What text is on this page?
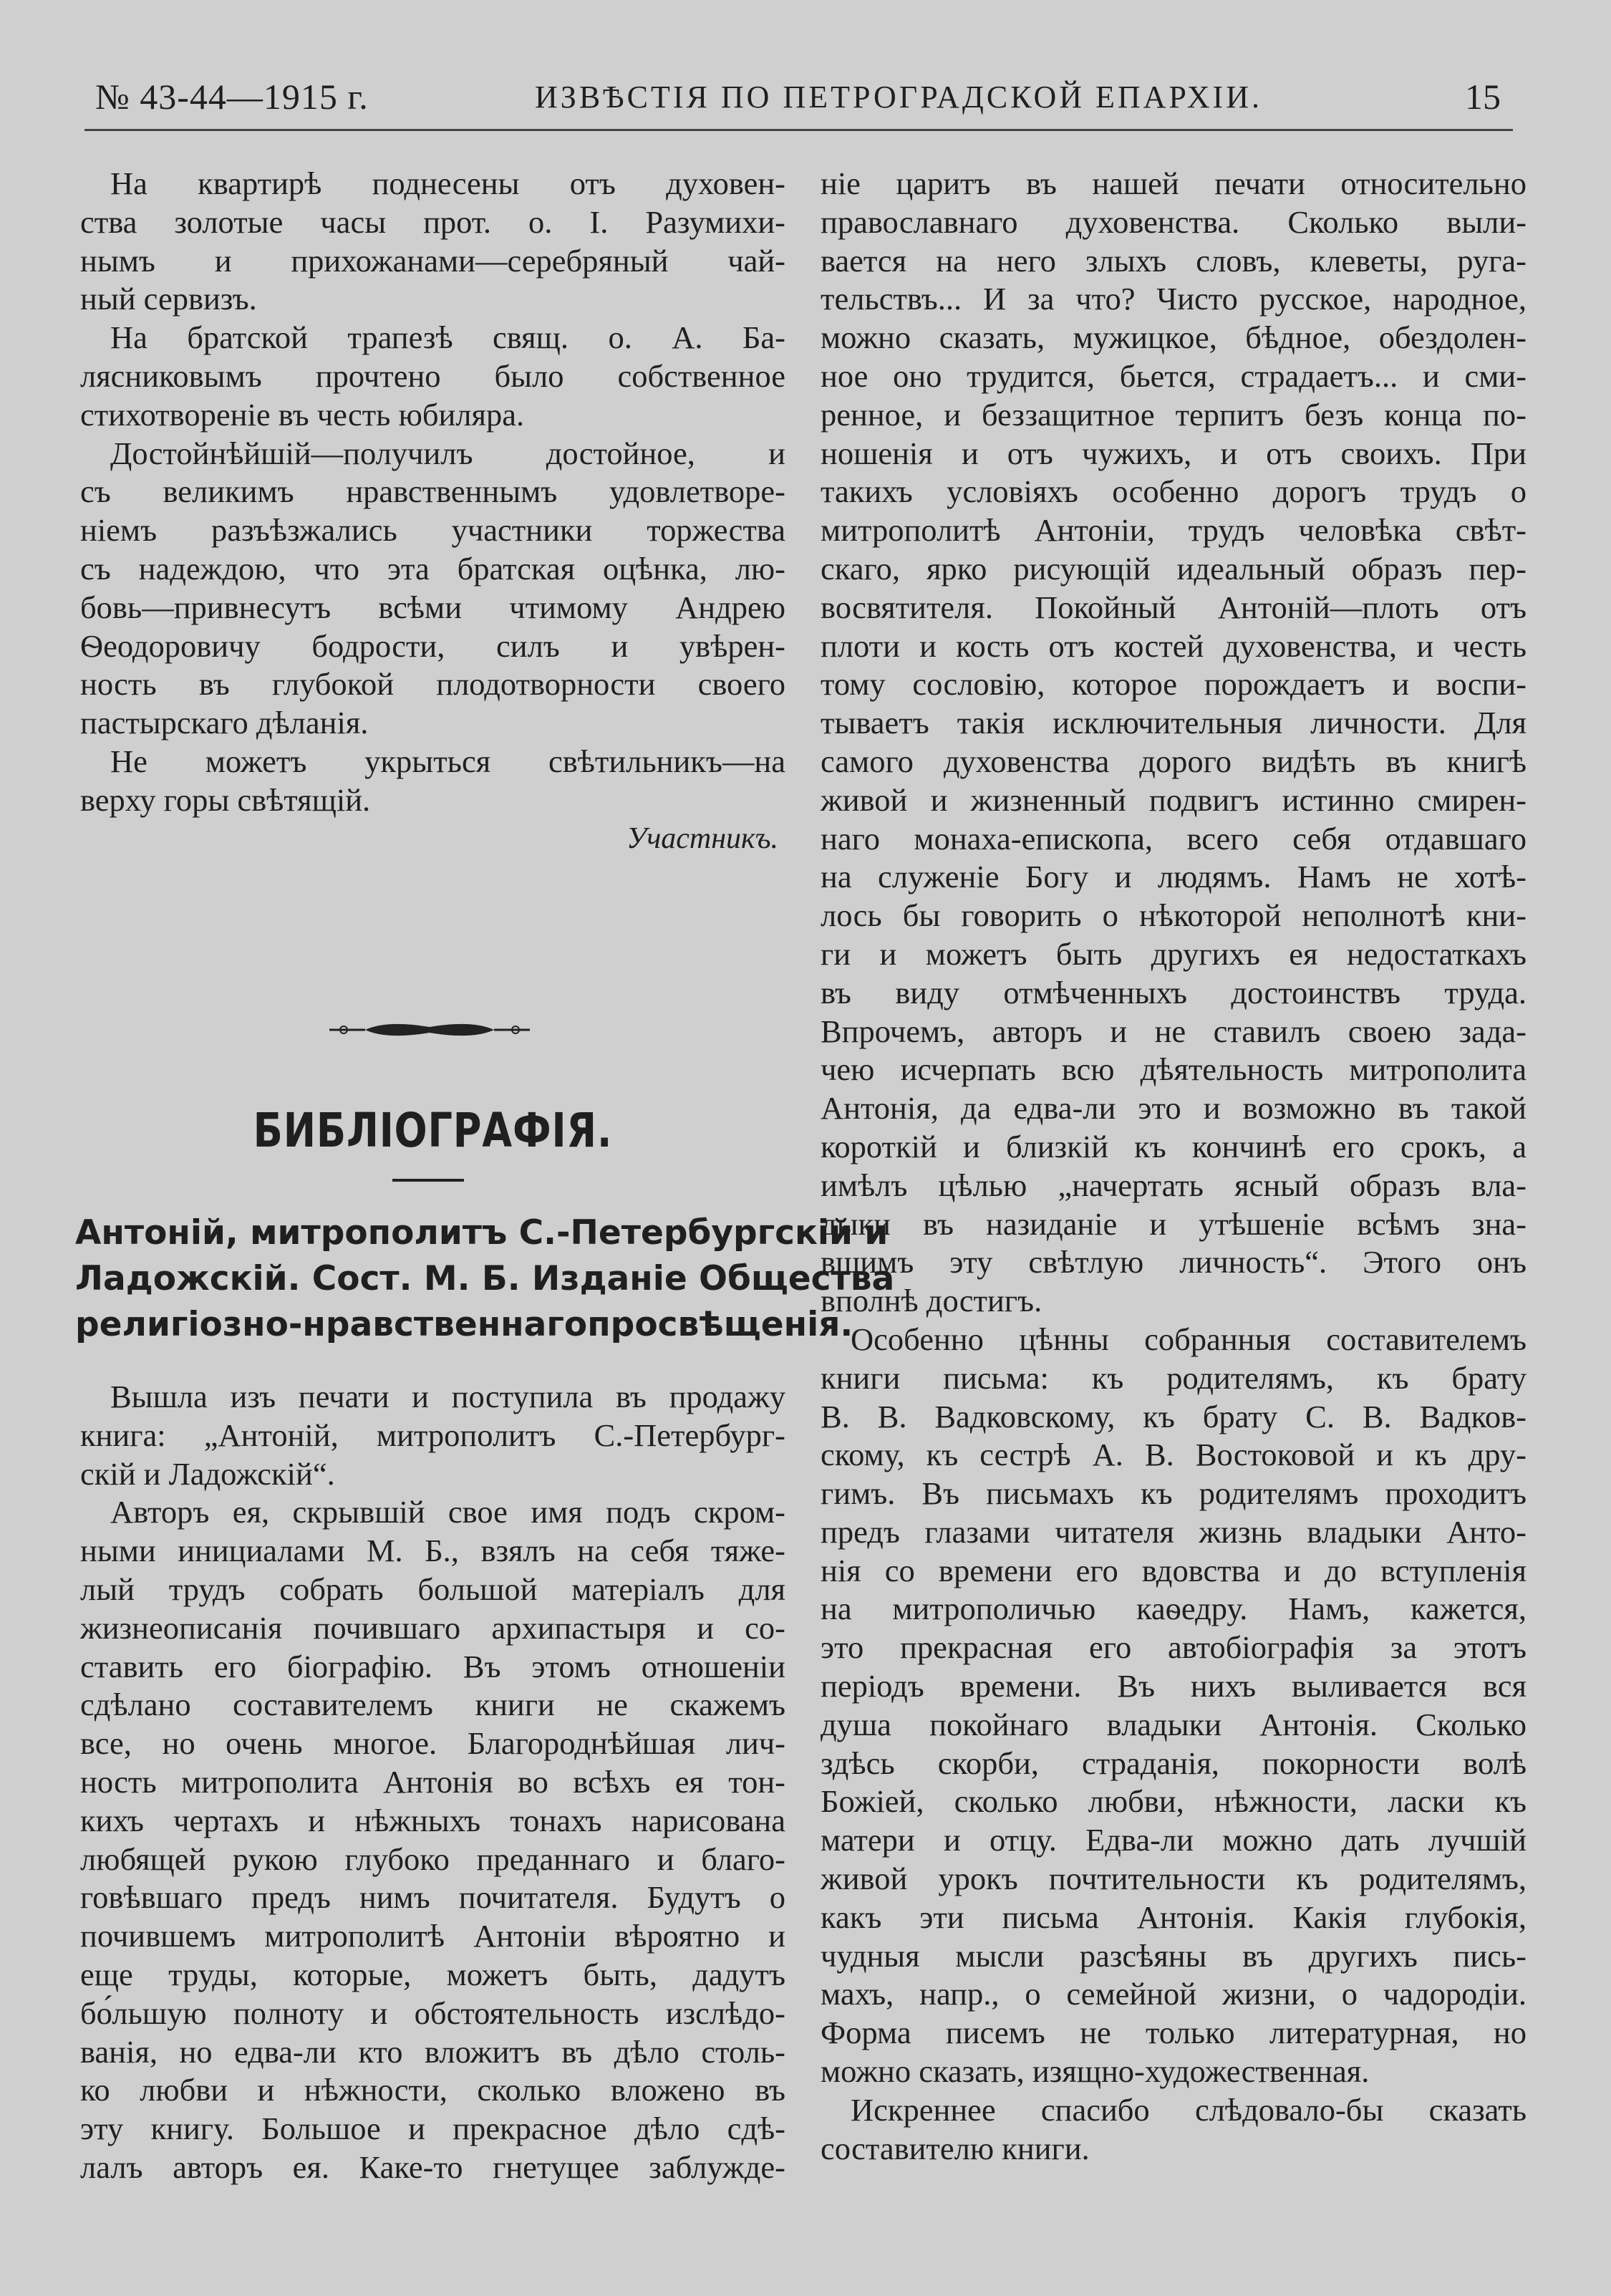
№ 43-44—1915 г.	ИЗВѢСТІЯ ПО ПЕТРОГРАДСКОЙ ЕПАРХІИ.	15

На квартирѣ поднесены отъ духовен-

ства золотые часы прот. о. І. Разумихи-

нымъ и прихожанами—серебряный чай-

ный сервизъ.

На братской трапезѣ свящ. о. А. Ба-

лясниковымъ прочтено было собственное

стихотвореніе въ честь юбиляра.

Достойнѣйшій—получилъ достойное, и

съ великимъ нравственнымъ удовлетворе-

ніемъ разъѣзжались участники торжества

съ надеждою, что эта братская оцѣнка, лю-

бовь—привнесутъ всѣми чтимому Андрею

Ѳеодоровичу бодрости, силъ и увѣрен-

ность въ глубокой плодотворности своего

пастырскаго дѣланія.

Не можетъ укрыться свѣтильникъ—на

верху горы свѣтящій.

Участникъ.
БИБЛІОГРАФІЯ.
Антоній, митрополитъ С.-Петербургскій и
Ладожскій. Сост. М. Б. Изданіе Общества
религіозно-нравственнагопросвѣщенія.

Вышла изъ печати и поступила въ продажу

книга: „Антоній, митрополитъ С.-Петербург-

скій и Ладожскій“.

Авторъ ея, скрывшій свое имя подъ скром-

ными инициалами М. Б., взялъ на себя тяже-

лый трудъ собрать большой матеріалъ для

жизнеописанія почившаго архипастыря и со-

ставить его біографію. Въ этомъ отношеніи

сдѣлано составителемъ книги не скажемъ

все, но очень многое. Благороднѣйшая лич-

ность митрополита Антонія во всѣхъ ея тон-

кихъ чертахъ и нѣжныхъ тонахъ нарисована

любящей рукою глубоко преданнаго и благо-

говѣвшаго предъ нимъ почитателя. Будутъ о

почившемъ митрополитѣ Антоніи вѣроятно и

еще труды, которые, можетъ быть, дадутъ

бо́льшую полноту и обстоятельность изслѣдо-

ванія, но едва-ли кто вложитъ въ дѣло столь-

ко любви и нѣжности, сколько вложено въ

эту книгу. Большое и прекрасное дѣло сдѣ-

лалъ авторъ ея. Каке-то гнетущее заблужде-

ніе царитъ въ нашей печати относительно

православнаго духовенства. Сколько выли-

вается на него злыхъ словъ, клеветы, руга-

тельствъ... И за что? Чисто русское, народное,

можно сказать, мужицкое, бѣдное, обездолен-

ное оно трудится, бьется, страдаетъ... и сми-

ренное, и беззащитное терпитъ безъ конца по-

ношенія и отъ чужихъ, и отъ своихъ. При

такихъ условіяхъ особенно дорогъ трудъ о

митрополитѣ Антоніи, трудъ человѣка свѣт-

скаго, ярко рисующій идеальный образъ пер-

восвятителя. Покойный Антоній—плоть отъ

плоти и кость отъ костей духовенства, и честь

тому сословію, которое порождаетъ и воспи-

тываетъ такія исключительныя личности. Для

самого духовенства дорого видѣть въ книгѣ

живой и жизненный подвигъ истинно смирен-

наго монаха-епископа, всего себя отдавшаго

на служеніе Богу и людямъ. Намъ не хотѣ-

лось бы говорить о нѣкоторой неполнотѣ кни-

ги и можетъ быть другихъ ея недостаткахъ

въ виду отмѣченныхъ достоинствъ труда.

Впрочемъ, авторъ и не ставилъ своею зада-

чею исчерпать всю дѣятельность митрополита

Антонія, да едва-ли это и возможно въ такой

короткій и близкій къ кончинѣ его срокъ, а

имѣлъ цѣлью „начертать ясный образъ вла-

дыки въ назиданіе и утѣшеніе всѣмъ зна-

вшимъ эту свѣтлую личность“. Этого онъ

вполнѣ достигъ.

Особенно цѣнны собранныя составителемъ

книги письма: къ родителямъ, къ брату

В. В. Вадковскому, къ брату С. В. Вадков-

скому, къ сестрѣ А. В. Востоковой и къ дру-

гимъ. Въ письмахъ къ родителямъ проходитъ

предъ глазами читателя жизнь владыки Анто-

нія со времени его вдовства и до вступленія

на митрополичью каѳедру. Намъ, кажется,

это прекрасная его автобіографія за этотъ

періодъ времени. Въ нихъ выливается вся

душа покойнаго владыки Антонія. Сколько

здѣсь скорби, страданія, покорности волѣ

Божіей, сколько любви, нѣжности, ласки къ

матери и отцу. Едва-ли можно дать лучшій

живой урокъ почтительности къ родителямъ,

какъ эти письма Антонія. Какія глубокія,

чудныя мысли разсѣяны въ другихъ пись-

махъ, напр., о семейной жизни, о чадородіи.

Форма писемъ не только литературная, но

можно сказать, изящно-художественная.

Искреннее спасибо слѣдовало-бы сказать

составителю книги.
